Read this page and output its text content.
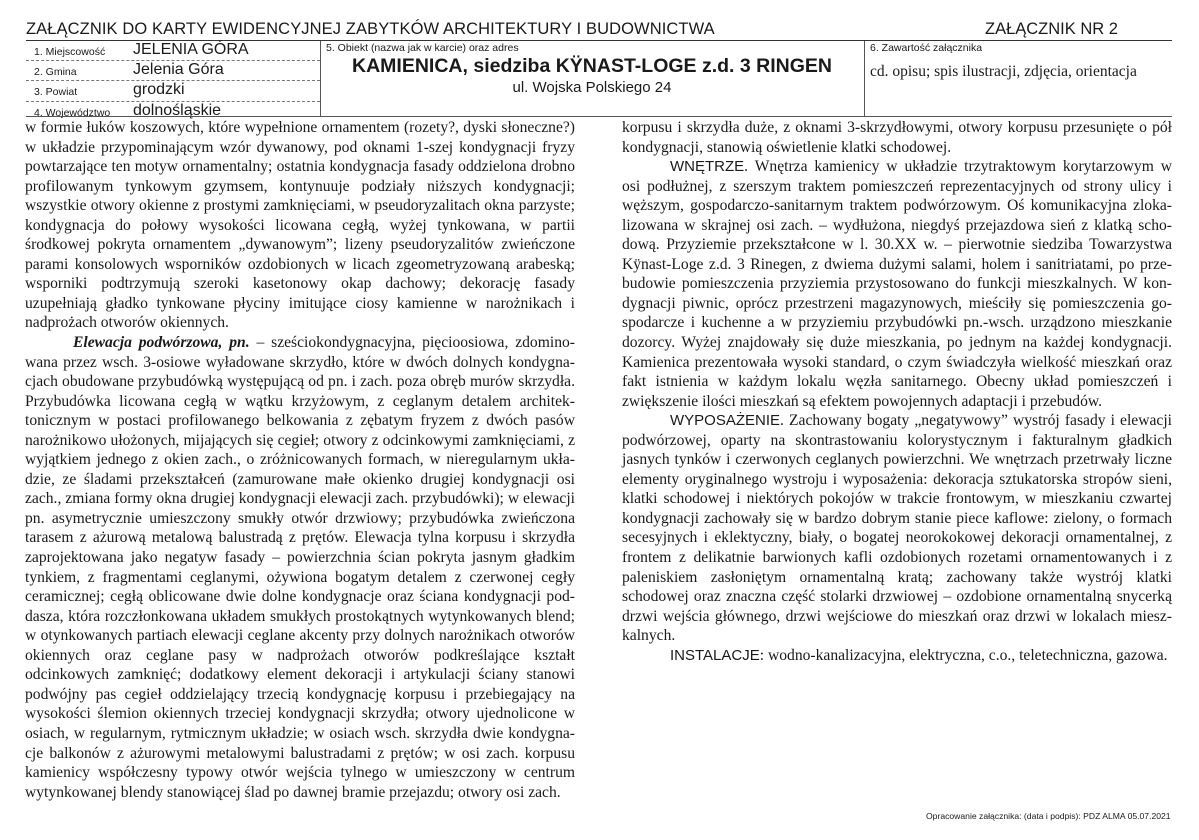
ZAŁĄCZNIK DO KARTY EWIDENCYJNEJ ZABYTKÓW ARCHITEKTURY I BUDOWNICTWA	ZAŁĄCZNIK NR 2
1. Miejscowość JELENIA GÓRA
2. Gmina	Jelenia Góra
3. Powiat	grodzki
4. Województwo dolnośląskie
5. Obiekt (nazwa jak w karcie) oraz adres
KAMIENICA, siedziba KŸNAST-LOGE z.d. 3 RINGEN
ul. Wojska Polskiego 24
6. Zawartość załącznika
cd. opisu; spis ilustracji, zdjęcia, orientacja

w formie łuków koszowych, które wypełnione ornamentem (rozety?, dyski słoneczne?) w układzie przypominającym wzór dywanowy, pod oknami 1-szej kondygnacji fryzy powtarzające ten motyw ornamentalny; ostatnia kondygnacja fasady oddzielona drobno profilowanym tynkowym gzymsem, kontynuuje podziały niższych kondygnacji; wszystkie otwory okienne z prostymi zamknięciami, w pseudoryzalitach okna parzyste; kondygnacja do połowy wysokości licowana cegłą, wyżej tynkowana, w partii środkowej pokryta ornamentem „dywanowym”; lizeny pseudoryzalitów zwieńczone parami konsolowych wsporników ozdobionych w licach zgeometryzowaną arabeską; wsporniki podtrzymują szeroki kasetonowy okap dachowy; dekorację fasady uzupełniają gładko tynkowane płyciny imitujące ciosy kamienne w narożnikach i nadprożach otworów okiennych.

Elewacja podwórzowa, pn. – sześciokondygnacyjna, pięcioosiowa, zdominowana przez wsch. 3-osiowe wyładowane skrzydło, które w dwóch dolnych kondygnacjach obudowane przybudówką występującą od pn. i zach. poza obręb murów skrzydła. Przybudówka licowana cegłą w wątku krzyżowym, z ceglanym detalem architektonicznym w postaci profilowanego belkowania z zębatym fryzem z dwóch pasów narożnikowo ułożonych, mijających się cegieł; otwory z odcinkowymi zamknięciami, z wyjątkiem jednego z okien zach., o zróżnicowanych formach, w nieregularnym układzie, ze śladami przekształceń (zamurowane małe okienko drugiej kondygnacji osi zach., zmiana formy okna drugiej kondygnacji elewacji zach. przybudówki); w elewacji pn. asymetrycznie umieszczony smukły otwór drzwiowy; przybudówka zwieńczona tarasem z ażurową metalową balustradą z prętów. Elewacja tylna korpusu i skrzydła zaprojektowana jako negatyw fasady – powierzchnia ścian pokryta jasnym gładkim tynkiem, z fragmentami ceglanymi, ożywiona bogatym detalem z czerwonej cegły ceramicznej; cegłą oblicowane dwie dolne kondygnacje oraz ściana kondygnacji poddasza, która rozczłonkowana układem smukłych prostokątnych wytynkowanych blend; w otynkowanych partiach elewacji ceglane akcenty przy dolnych narożnikach otworów okiennych oraz ceglane pasy w nadprożach otworów podkreślające kształt odcinkowych zamknięć; dodatkowy element dekoracji i artykulacji ściany stanowi podwójny pas cegieł oddzielający trzecią kondygnację korpusu i przebiegający na wysokości ślemion okiennych trzeciej kondygnacji skrzydła; otwory ujednolicone w osiach, w regularnym, rytmicznym układzie; w osiach wsch. skrzydła dwie kondygnacje balkonów z ażurowymi metalowymi balustradami z prętów; w osi zach. korpusu kamienicy współczesny typowy otwór wejścia tylnego w umieszczony w centrum wytynkowanej blendy stanowiącej ślad po dawnej bramie przejazdu; otwory osi zach.

korpusu i skrzydła duże, z oknami 3-skrzydłowymi, otwory korpusu przesunięte o pół kondygnacji, stanowią oświetlenie klatki schodowej.

WNĘTRZE. Wnętrza kamienicy w układzie trzytraktowym korytarzowym w osi podłużnej, z szerszym traktem pomieszczeń reprezentacyjnych od strony ulicy i węższym, gospodarczo-sanitarnym traktem podwórzowym. Oś komunikacyjna zlokalizowana w skrajnej osi zach. – wydłużona, niegdyś przejazdowa sień z klatką schodową. Przyziemie przekształcone w l. 30.XX w. – pierwotnie siedziba Towarzystwa Kÿnast-Loge z.d. 3 Rinegen, z dwiema dużymi salami, holem i sanitriatami, po przebudowie pomieszczenia przyziemia przystosowano do funkcji mieszkalnych. W kondygnacji piwnic, oprócz przestrzeni magazynowych, mieściły się pomieszczenia gospodarcze i kuchenne a w przyziemiu przybudówki pn.-wsch. urządzono mieszkanie dozorcy. Wyżej znajdowały się duże mieszkania, po jednym na każdej kondygnacji. Kamienica prezentowała wysoki standard, o czym świadczyła wielkość mieszkań oraz fakt istnienia w każdym lokalu węzła sanitarnego. Obecny układ pomieszczeń i zwiększenie ilości mieszkań są efektem powojennych adaptacji i przebudów.

WYPOSAŻENIE. Zachowany bogaty „negatywowy” wystrój fasady i elewacji podwórzowej, oparty na skontrastowaniu kolorystycznym i fakturalnym gładkich jasnych tynków i czerwonych ceglanych powierzchni. We wnętrzach przetrwały liczne elementy oryginalnego wystroju i wyposażenia: dekoracja sztukatorska stropów sieni, klatki schodowej i niektórych pokojów w trakcie frontowym, w mieszkaniu czwartej kondygnacji zachowały się w bardzo dobrym stanie piece kaflowe: zielony, o formach secesyjnych i eklektyczny, biały, o bogatej neorokokowej dekoracji ornamentalnej, z frontem z delikatnie barwionych kafli ozdobionych rozetami ornamentowanych i z paleniskiem zasłoniętym ornamentalną kratą; zachowany także wystrój klatki schodowej oraz znaczna część stolarki drzwiowej – ozdobione ornamentalną snycerką drzwi wejścia głównego, drzwi wejściowe do mieszkań oraz drzwi w lokalach mieszkalnych.

INSTALACJE: wodno-kanalizacyjna, elektryczna, c.o., teletechniczna, gazowa.

Opracowanie załącznika: (data i podpis): PDZ ALMA 05.07.2021
